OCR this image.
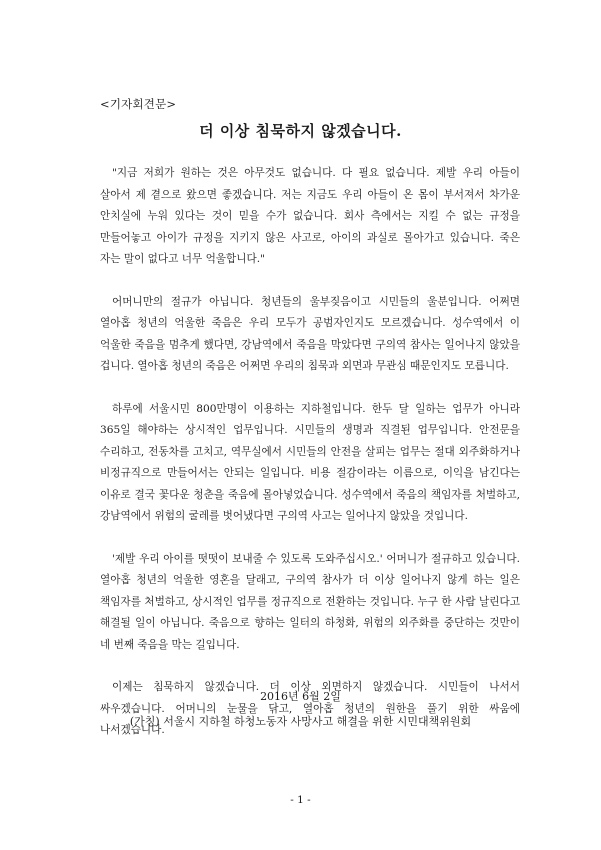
<기자회견문>
더 이상 침묵하지 않겠습니다.

"지금 저희가 원하는 것은 아무것도 없습니다. 다 필요 없습니다. 제발 우리 아들이 살아서 제 곁으로 왔으면 좋겠습니다. 저는 지금도 우리 아들이 온 몸이 부서져서 차가운 안치실에 누워 있다는 것이 믿을 수가 없습니다. 회사 측에서는 지킬 수 없는 규정을 만들어놓고 아이가 규정을 지키지 않은 사고로, 아이의 과실로 몰아가고 있습니다. 죽은 자는 말이 없다고 너무 억울합니다."

어머니만의 절규가 아닙니다. 청년들의 울부짖음이고 시민들의 울분입니다. 어쩌면 열아홉 청년의 억울한 죽음은 우리 모두가 공범자인지도 모르겠습니다. 성수역에서 이 억울한 죽음을 멈추게 했다면, 강남역에서 죽음을 막았다면 구의역 참사는 일어나지 않았을 겁니다. 열아홉 청년의 죽음은 어쩌면 우리의 침묵과 외면과 무관심 때문인지도 모릅니다.

하루에 서울시민 800만명이 이용하는 지하철입니다. 한두 달 일하는 업무가 아니라 365일 해야하는 상시적인 업무입니다. 시민들의 생명과 직결된 업무입니다. 안전문을 수리하고, 전동차를 고치고, 역무실에서 시민들의 안전을 살피는 업무는 절대 외주화하거나 비정규직으로 만들어서는 안되는 일입니다. 비용 절감이라는 이름으로, 이익을 남긴다는 이유로 결국 꽃다운 청춘을 죽음에 몰아넣었습니다. 성수역에서 죽음의 책임자를 처벌하고, 강남역에서 위험의 굴레를 벗어냈다면 구의역 사고는 일어나지 않았을 것입니다.

'제발 우리 아이를 떳떳이 보내줄 수 있도록 도와주십시오.' 어머니가 절규하고 있습니다. 열아홉 청년의 억울한 영혼을 달래고, 구의역 참사가 더 이상 일어나지 않게 하는 일은 책임자를 처벌하고, 상시적인 업무를 정규직으로 전환하는 것입니다. 누구 한 사람 날린다고 해결될 일이 아닙니다. 죽음으로 향하는 일터의 하청화, 위험의 외주화를 중단하는 것만이 네 번째 죽음을 막는 길입니다.

이제는 침묵하지 않겠습니다. 더 이상 외면하지 않겠습니다. 시민들이 나서서 싸우겠습니다. 어머니의 눈물을 닦고, 열아홉 청년의 원한을 풀기 위한 싸움에 나서겠습니다.

2016년 6월 2일
(가칭) 서울시 지하철 하청노동자 사망사고 해결을 위한 시민대책위원회
- 1 -
